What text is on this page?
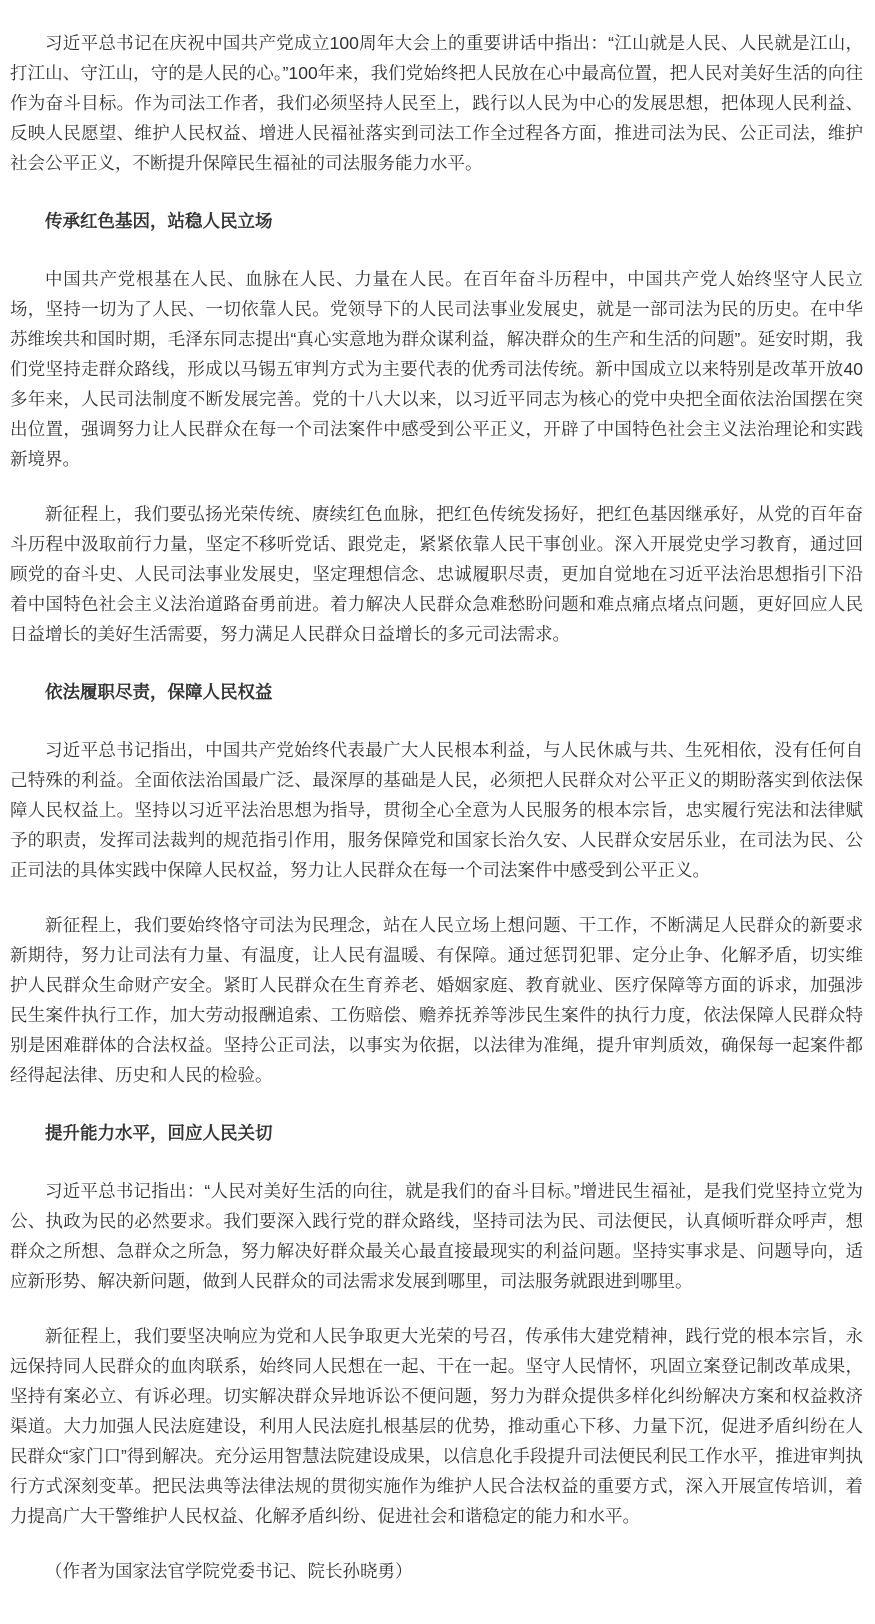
习近平总书记在庆祝中国共产党成立100周年大会上的重要讲话中指出：“江山就是人民、人民就是江山，打江山、守江山，守的是人民的心。”100年来，我们党始终把人民放在心中最高位置，把人民对美好生活的向往作为奋斗目标。作为司法工作者，我们必须坚持人民至上，践行以人民为中心的发展思想，把体现人民利益、反映人民愿望、维护人民权益、增进人民福祉落实到司法工作全过程各方面，推进司法为民、公正司法，维护社会公平正义，不断提升保障民生福祉的司法服务能力水平。

传承红色基因，站稳人民立场

中国共产党根基在人民、血脉在人民、力量在人民。在百年奋斗历程中，中国共产党人始终坚守人民立场，坚持一切为了人民、一切依靠人民。党领导下的人民司法事业发展史，就是一部司法为民的历史。在中华苏维埃共和国时期，毛泽东同志提出“真心实意地为群众谋利益，解决群众的生产和生活的问题”。延安时期，我们党坚持走群众路线，形成以马锡五审判方式为主要代表的优秀司法传统。新中国成立以来特别是改革开放40多年来，人民司法制度不断发展完善。党的十八大以来，以习近平同志为核心的党中央把全面依法治国摆在突出位置，强调努力让人民群众在每一个司法案件中感受到公平正义，开辟了中国特色社会主义法治理论和实践新境界。

新征程上，我们要弘扬光荣传统、赓续红色血脉，把红色传统发扬好，把红色基因继承好，从党的百年奋斗历程中汲取前行力量，坚定不移听党话、跟党走，紧紧依靠人民干事创业。深入开展党史学习教育，通过回顾党的奋斗史、人民司法事业发展史，坚定理想信念、忠诚履职尽责，更加自觉地在习近平法治思想指引下沿着中国特色社会主义法治道路奋勇前进。着力解决人民群众急难愁盼问题和难点痛点堵点问题，更好回应人民日益增长的美好生活需要，努力满足人民群众日益增长的多元司法需求。

依法履职尽责，保障人民权益

习近平总书记指出，中国共产党始终代表最广大人民根本利益，与人民休戚与共、生死相依，没有任何自己特殊的利益。全面依法治国最广泛、最深厚的基础是人民，必须把人民群众对公平正义的期盼落实到依法保障人民权益上。坚持以习近平法治思想为指导，贯彻全心全意为人民服务的根本宗旨，忠实履行宪法和法律赋予的职责，发挥司法裁判的规范指引作用，服务保障党和国家长治久安、人民群众安居乐业，在司法为民、公正司法的具体实践中保障人民权益，努力让人民群众在每一个司法案件中感受到公平正义。

新征程上，我们要始终恪守司法为民理念，站在人民立场上想问题、干工作，不断满足人民群众的新要求新期待，努力让司法有力量、有温度，让人民有温暖、有保障。通过惩罚犯罪、定分止争、化解矛盾，切实维护人民群众生命财产安全。紧盯人民群众在生育养老、婚姻家庭、教育就业、医疗保障等方面的诉求，加强涉民生案件执行工作，加大劳动报酬追索、工伤赔偿、赡养抚养等涉民生案件的执行力度，依法保障人民群众特别是困难群体的合法权益。坚持公正司法，以事实为依据，以法律为准绳，提升审判质效，确保每一起案件都经得起法律、历史和人民的检验。

提升能力水平，回应人民关切

习近平总书记指出：“人民对美好生活的向往，就是我们的奋斗目标。”增进民生福祉，是我们党坚持立党为公、执政为民的必然要求。我们要深入践行党的群众路线，坚持司法为民、司法便民，认真倾听群众呼声，想群众之所想、急群众之所急，努力解决好群众最关心最直接最现实的利益问题。坚持实事求是、问题导向，适应新形势、解决新问题，做到人民群众的司法需求发展到哪里，司法服务就跟进到哪里。

新征程上，我们要坚决响应为党和人民争取更大光荣的号召，传承伟大建党精神，践行党的根本宗旨，永远保持同人民群众的血肉联系，始终同人民想在一起、干在一起。坚守人民情怀，巩固立案登记制改革成果，坚持有案必立、有诉必理。切实解决群众异地诉讼不便问题，努力为群众提供多样化纠纷解决方案和权益救济渠道。大力加强人民法庭建设，利用人民法庭扎根基层的优势，推动重心下移、力量下沉，促进矛盾纠纷在人民群众“家门口”得到解决。充分运用智慧法院建设成果，以信息化手段提升司法便民利民工作水平，推进审判执行方式深刻变革。把民法典等法律法规的贯彻实施作为维护人民合法权益的重要方式，深入开展宣传培训，着力提高广大干警维护人民权益、化解矛盾纠纷、促进社会和谐稳定的能力和水平。

（作者为国家法官学院党委书记、院长孙晓勇）
